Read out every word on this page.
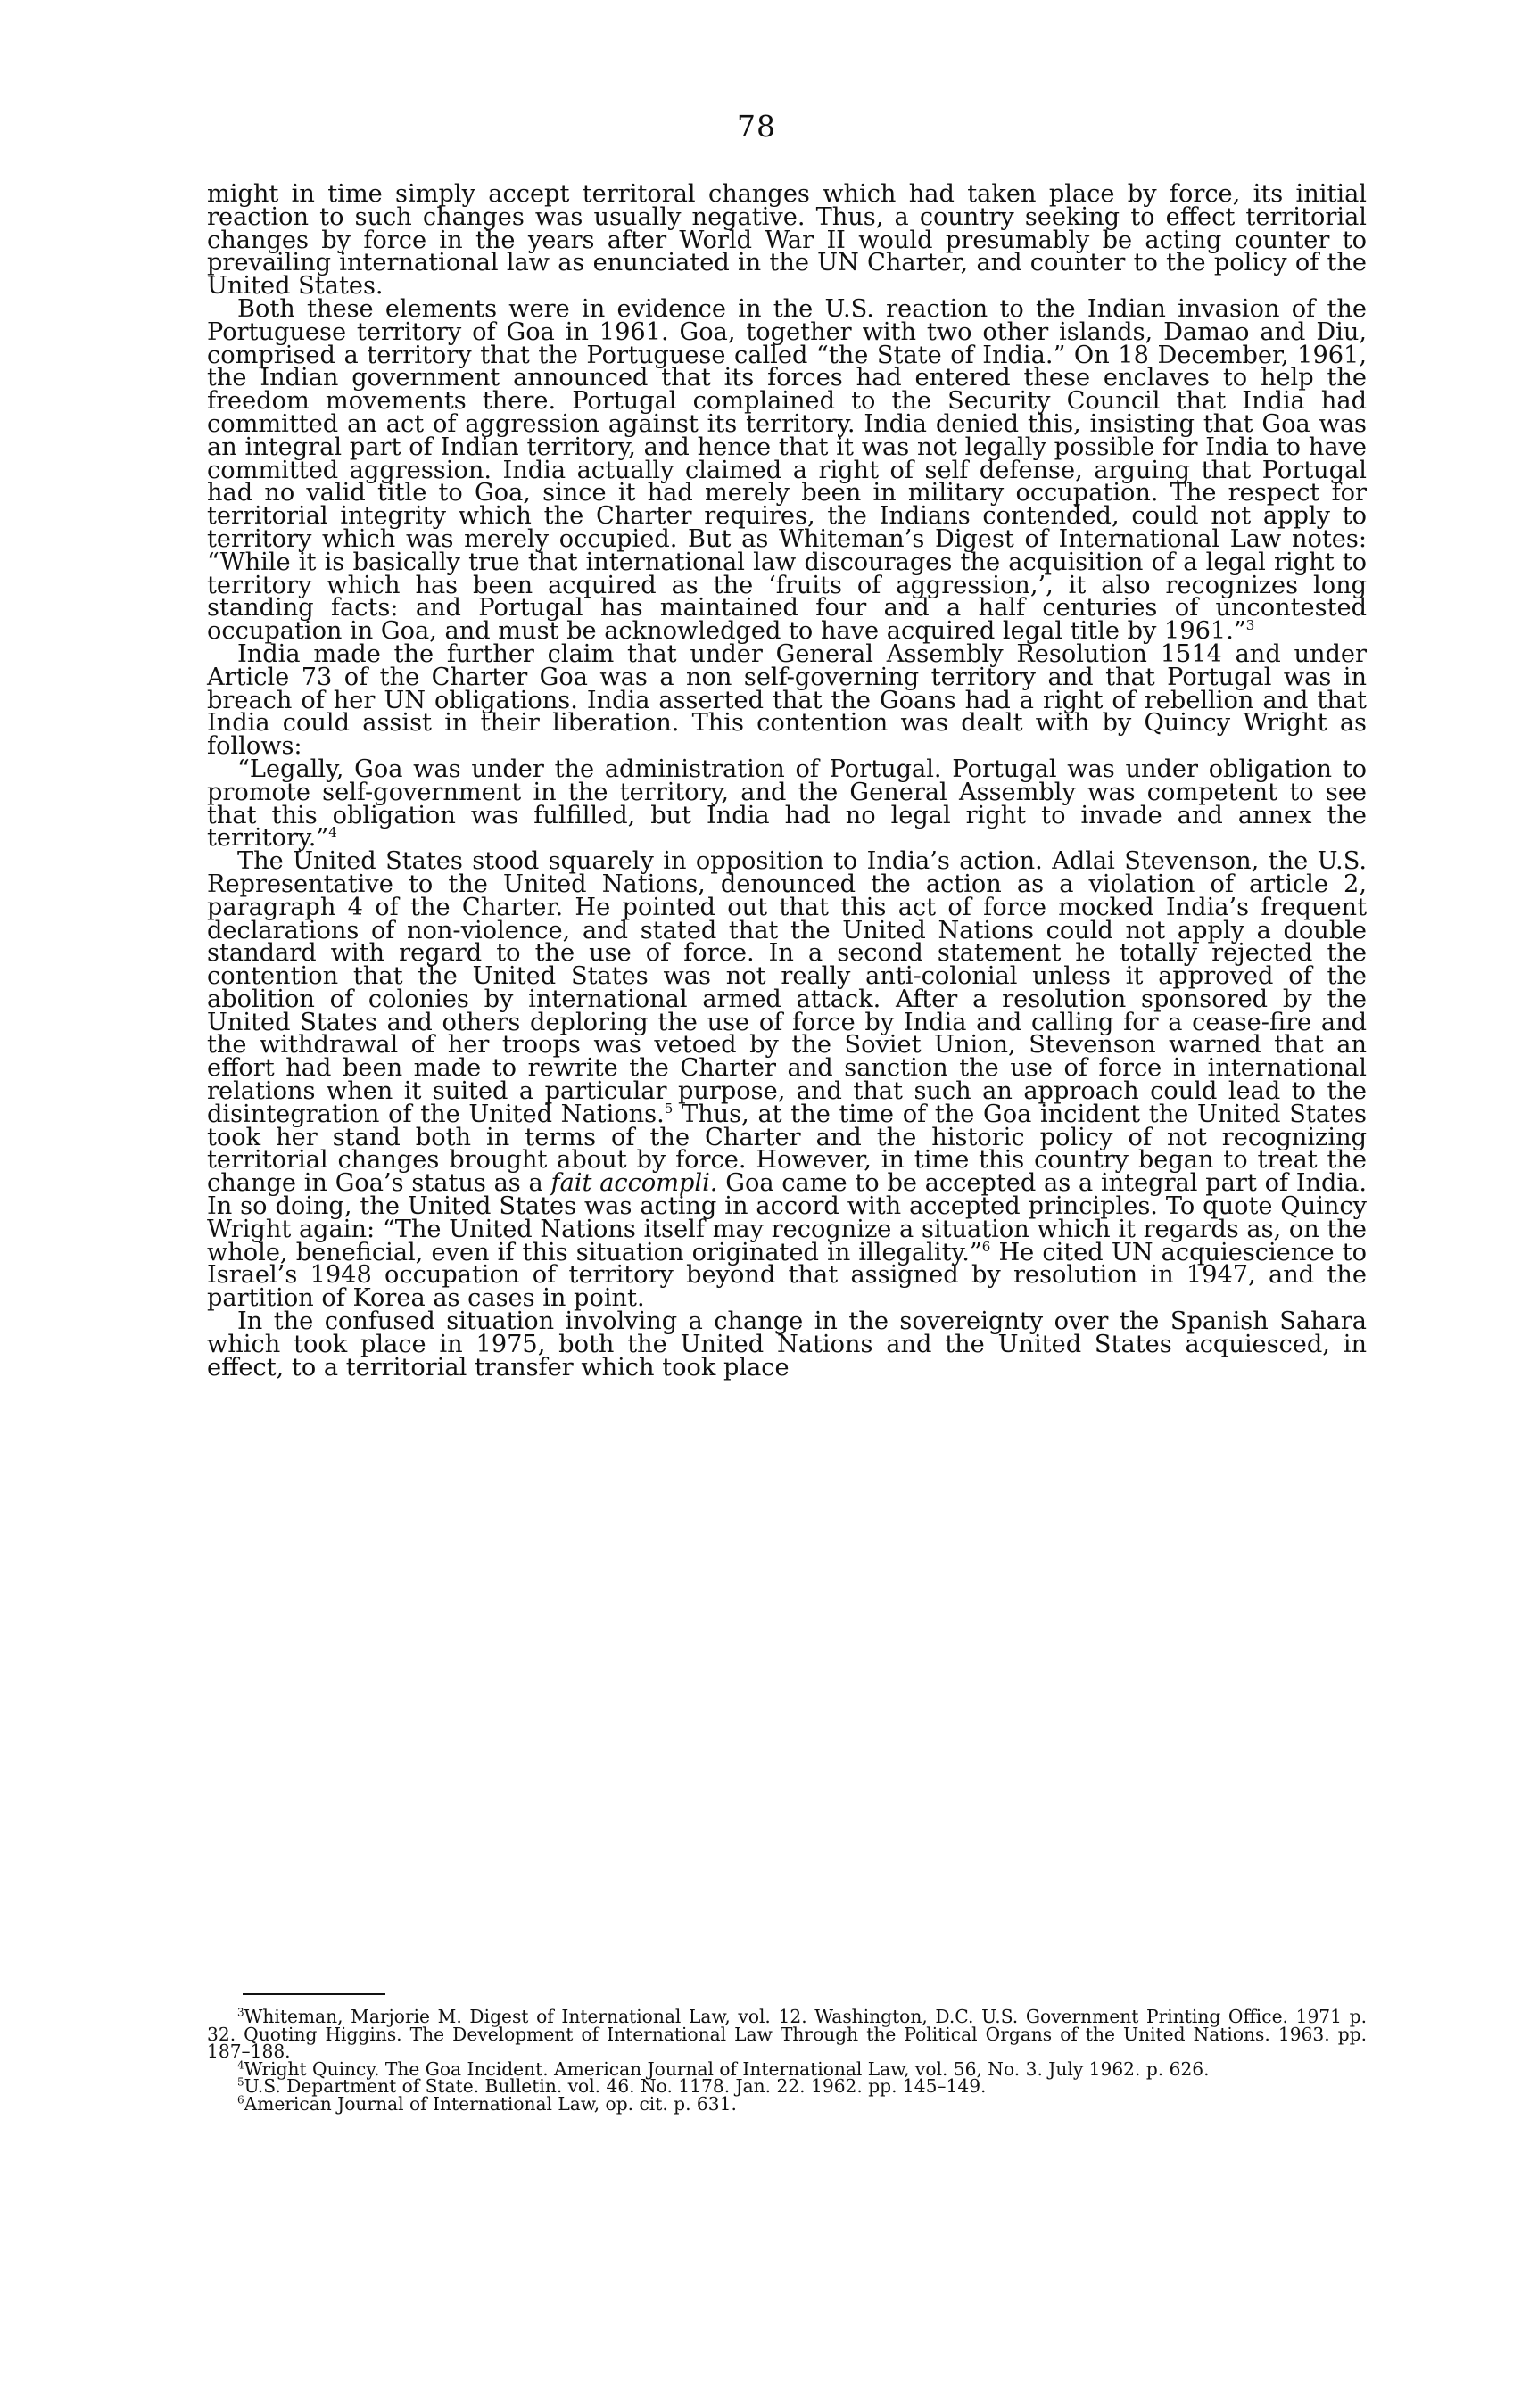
78

might in time simply accept territoral changes which had taken place by force, its initial reaction to such changes was usually negative. Thus, a country seeking to effect territorial changes by force in the years after World War II would presumably be acting counter to prevailing international law as enunciated in the UN Charter, and counter to the policy of the United States.

Both these elements were in evidence in the U.S. reaction to the Indian invasion of the Portuguese territory of Goa in 1961. Goa, together with two other islands, Damao and Diu, comprised a territory that the Portuguese called “the State of India.” On 18 December, 1961, the Indian government announced that its forces had entered these enclaves to help the freedom movements there. Portugal complained to the Security Council that India had committed an act of aggression against its territory. India denied this, insisting that Goa was an integral part of Indian territory, and hence that it was not legally possible for India to have committed aggression. India actually claimed a right of self defense, arguing that Portugal had no valid title to Goa, since it had merely been in military occupation. The respect for territorial integrity which the Charter requires, the Indians contended, could not apply to territory which was merely occupied. But as Whiteman’s Digest of International Law notes: “While it is basically true that international law discourages the acquisition of a legal right to territory which has been acquired as the ‘fruits of aggression,’, it also recognizes long standing facts: and Portugal has maintained four and a half centuries of uncontested occupation in Goa, and must be acknowledged to have acquired legal title by 1961.”$^3$

India made the further claim that under General Assembly Resolution 1514 and under Article 73 of the Charter Goa was a non self-governing territory and that Portugal was in breach of her UN obligations. India asserted that the Goans had a right of rebellion and that India could assist in their liberation. This contention was dealt with by Quincy Wright as follows:

“Legally, Goa was under the administration of Portugal. Portugal was under obligation to promote self-government in the territory, and the General Assembly was competent to see that this obligation was fulfilled, but India had no legal right to invade and annex the territory.”$^4$

The United States stood squarely in opposition to India’s action. Adlai Stevenson, the U.S. Representative to the United Nations, denounced the action as a violation of article 2, paragraph 4 of the Charter. He pointed out that this act of force mocked India’s frequent declarations of non-violence, and stated that the United Nations could not apply a double standard with regard to the use of force. In a second statement he totally rejected the contention that the United States was not really anti-colonial unless it approved of the abolition of colonies by international armed attack. After a resolution sponsored by the United States and others deploring the use of force by India and calling for a cease-fire and the withdrawal of her troops was vetoed by the Soviet Union, Stevenson warned that an effort had been made to rewrite the Charter and sanction the use of force in international relations when it suited a particular purpose, and that such an approach could lead to the disintegration of the United Nations.$^5$ Thus, at the time of the Goa incident the United States took her stand both in terms of the Charter and the historic policy of not recognizing territorial changes brought about by force. However, in time this country began to treat the change in Goa’s status as a fait accompli. Goa came to be accepted as a integral part of India. In so doing, the United States was acting in accord with accepted principles. To quote Quincy Wright again: “The United Nations itself may recognize a situation which it regards as, on the whole, beneficial, even if this situation originated in illegality.”$^6$ He cited UN acquiescience to Israel’s 1948 occupation of territory beyond that assigned by resolution in 1947, and the partition of Korea as cases in point.

In the confused situation involving a change in the sovereignty over the Spanish Sahara which took place in 1975, both the United Nations and the United States acquiesced, in effect, to a territorial transfer which took place

$^3$Whiteman, Marjorie M. Digest of International Law, vol. 12. Washington, D.C. U.S. Government Printing Office. 1971 p. 32. Quoting Higgins. The Development of International Law Through the Political Organs of the United Nations. 1963. pp. 187–188.

$^4$Wright Quincy. The Goa Incident. American Journal of International Law, vol. 56, No. 3. July 1962. p. 626.

$^5$U.S. Department of State. Bulletin. vol. 46. No. 1178. Jan. 22. 1962. pp. 145–149.

$^6$American Journal of International Law, op. cit. p. 631.
